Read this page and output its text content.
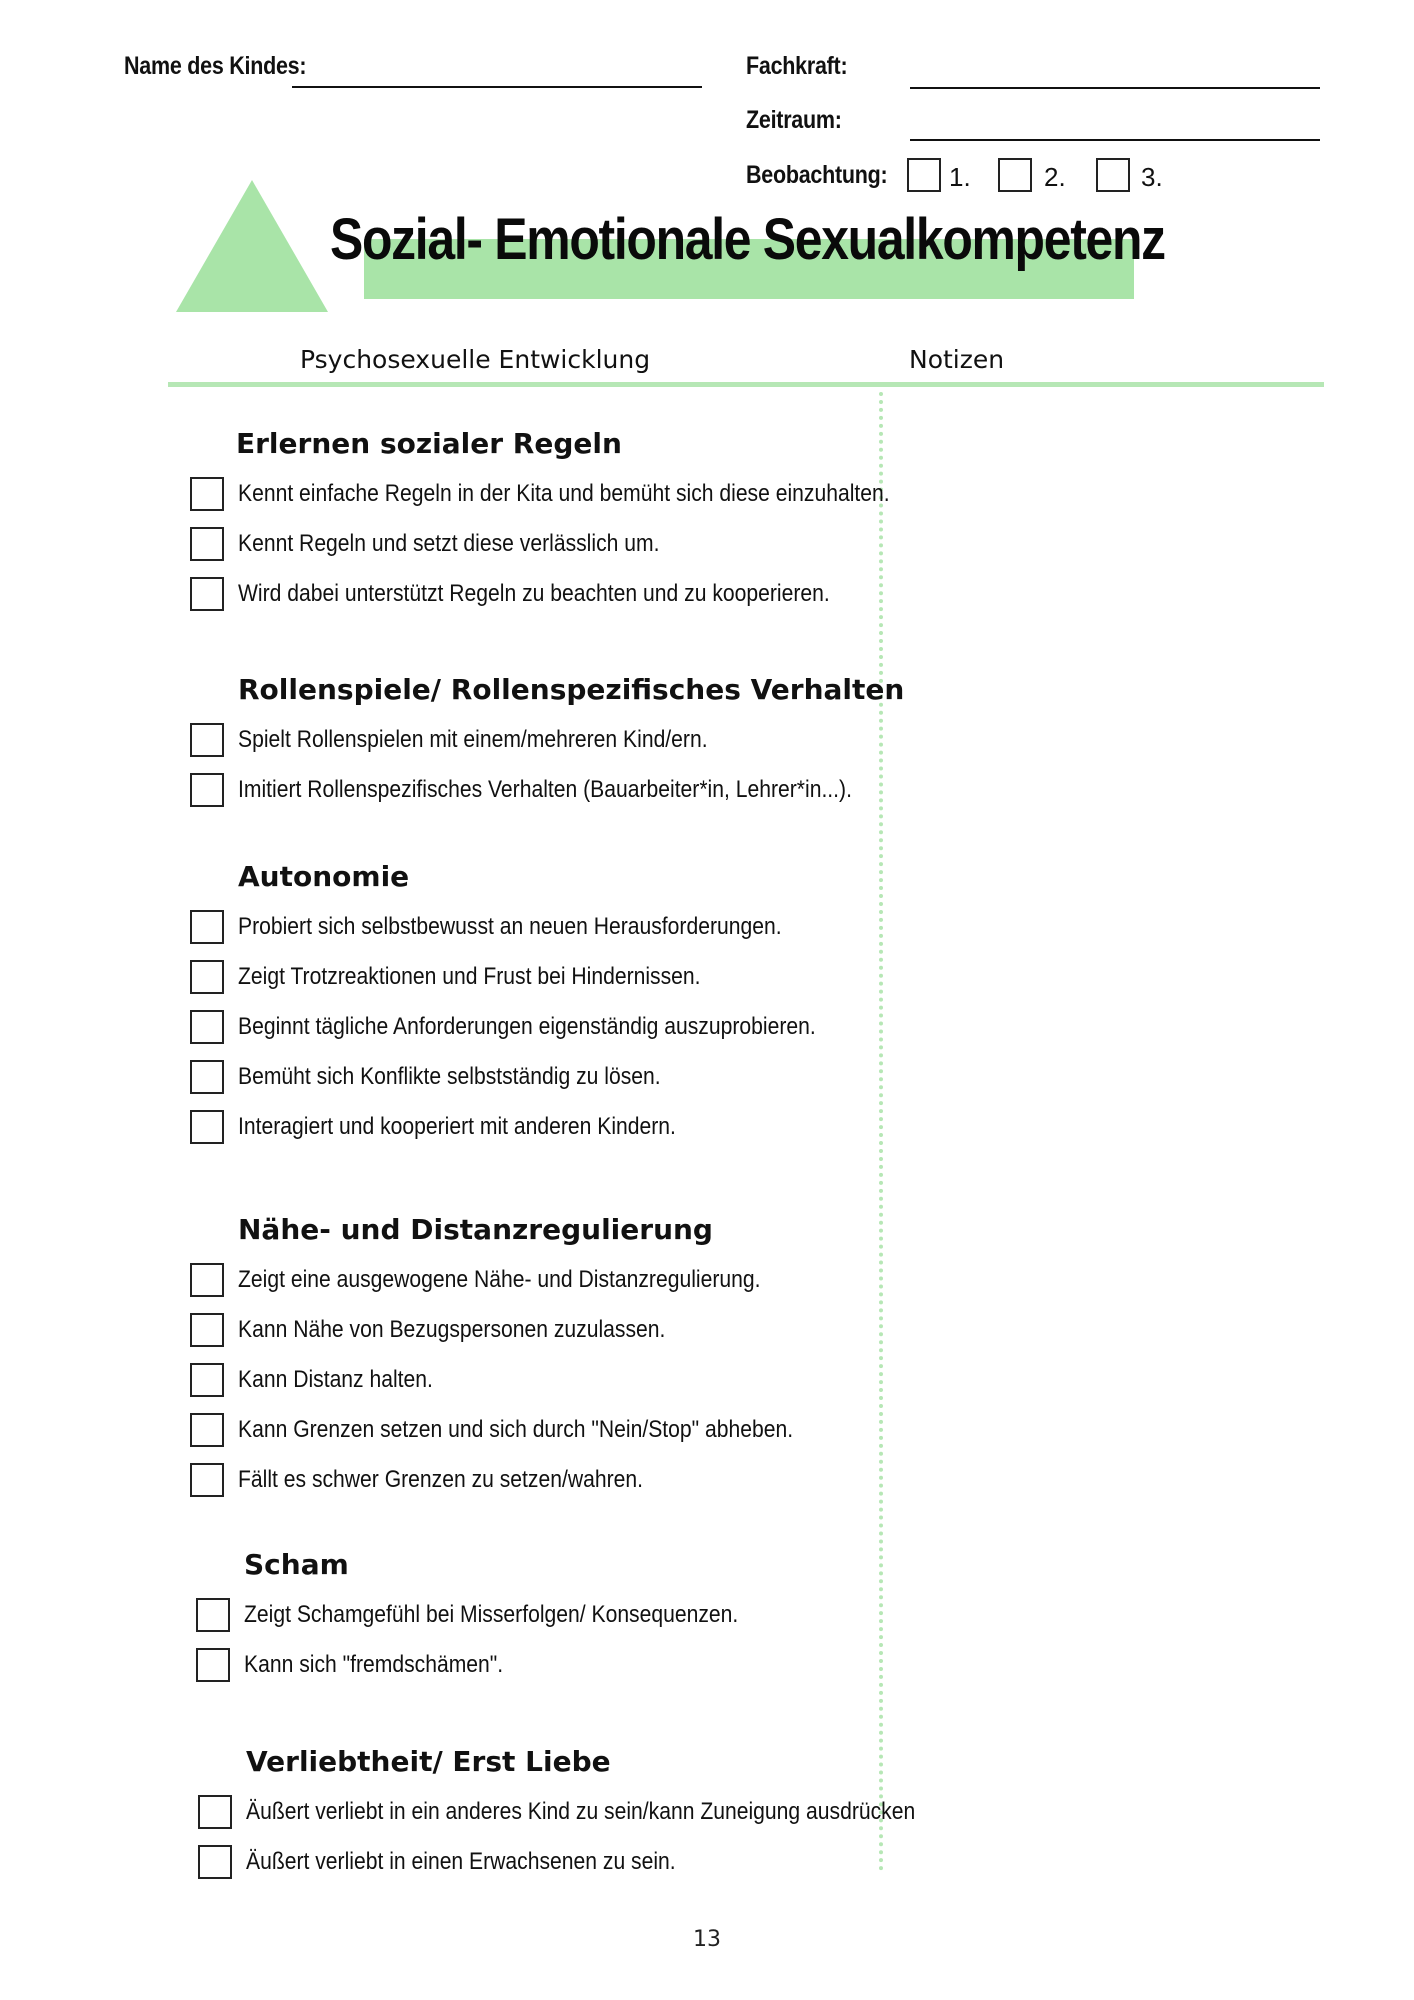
Name des Kindes:	Fachkraft:
Zeitraum:
Beobachtung: 1.	2.	3.
Sozial- Emotionale Sexualkompetenz
Psychosexuelle Entwicklung	Notizen
Erlernen sozialer Regeln
Kennt einfache Regeln in der Kita und bemüht sich diese einzuhalten.
Kennt Regeln und setzt diese verlässlich um.
Wird dabei unterstützt Regeln zu beachten und zu kooperieren.
Rollenspiele/ Rollenspezifisches Verhalten
Spielt Rollenspielen mit einem/mehreren Kind/ern.
Imitiert Rollenspezifisches Verhalten (Bauarbeiter*in, Lehrer*in...).
Autonomie
Probiert sich selbstbewusst an neuen Herausforderungen.
Zeigt Trotzreaktionen und Frust bei Hindernissen.
Beginnt tägliche Anforderungen eigenständig auszuprobieren.
Bemüht sich Konflikte selbstständig zu lösen.
Interagiert und kooperiert mit anderen Kindern.
Nähe- und Distanzregulierung
Zeigt eine ausgewogene Nähe- und Distanzregulierung.
Kann Nähe von Bezugspersonen zuzulassen.
Kann Distanz halten.
Kann Grenzen setzen und sich durch "Nein/Stop" abheben.
Fällt es schwer Grenzen zu setzen/wahren.
Scham
Zeigt Schamgefühl bei Misserfolgen/ Konsequenzen.
Kann sich "fremdschämen".
Verliebtheit/ Erst Liebe
Äußert verliebt in ein anderes Kind zu sein/kann Zuneigung ausdrücken
Äußert verliebt in einen Erwachsenen zu sein.
13
